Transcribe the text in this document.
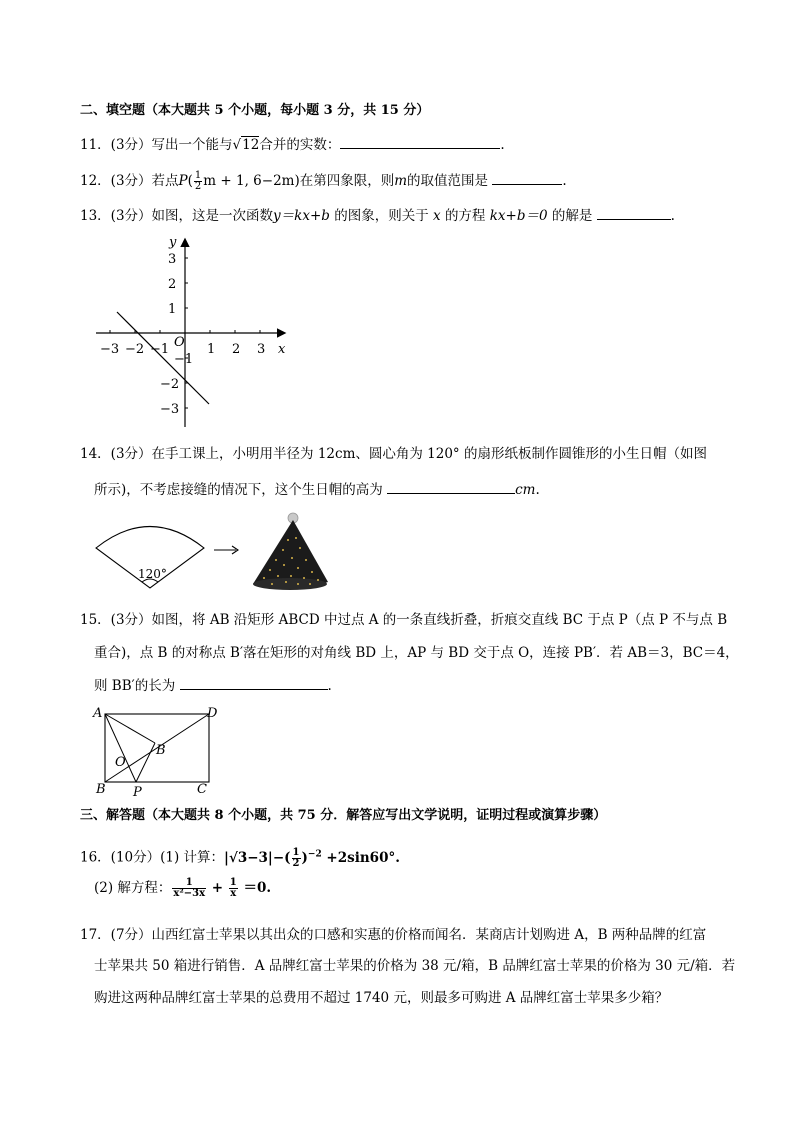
二、填空题（本大题共 5 个小题，每小题 3 分，共 15 分）
11．(3分）写出一个能与√12合并的实数：	.
12．(3分）若点$P( \frac{1}{2}$ m + 1, 6−2m)在第四象限，则m的取值范围是	.
13．(3分）如图，这是一次函数y＝kx+b 的图象，则关于 x 的方程 kx+b＝0 的解是	.
y
x
O
3
2
1
−1
−2
−3
−3 −2 −1	1 2 3
14．(3分）在手工课上，小明用半径为 12cm、圆心角为 120° 的扇形纸板制作圆锥形的小生日帽（如图
所示)，不考虑接缝的情况下，这个生日帽的高为	cm.
120°
15．(3分）如图，将 AB 沿矩形 ABCD 中过点 A 的一条直线折叠，折痕交直线 BC 于点 P（点 P 不与点 B
重合)，点 B 的对称点 B′落在矩形的对角线 BD 上，AP 与 BD 交于点 O，连接 PB′．若 AB＝3，BC＝4，
则 BB′的长为	.
A	D
B	C
P
O
B
三、解答题（本大题共 8 个小题，共 75 分．解答应写出文学说明，证明过程或演算步骤）
16．(10分）(1) 计算：$|√3-3|-( \frac{1}{2} )^{-2} +2\sin 60^\circ$.
(2) 解方程： $\frac{1}{\text{x²−3x}} + \frac{1}{x} =0$.
17．(7分）山西红富士苹果以其出众的口感和实惠的价格而闻名．某商店计划购进 A，B 两种品牌的红富
士苹果共 50 箱进行销售．A 品牌红富士苹果的价格为 38 元/箱，B 品牌红富士苹果的价格为 30 元/箱．若
购进这两种品牌红富士苹果的总费用不超过 1740 元，则最多可购进 A 品牌红富士苹果多少箱？
